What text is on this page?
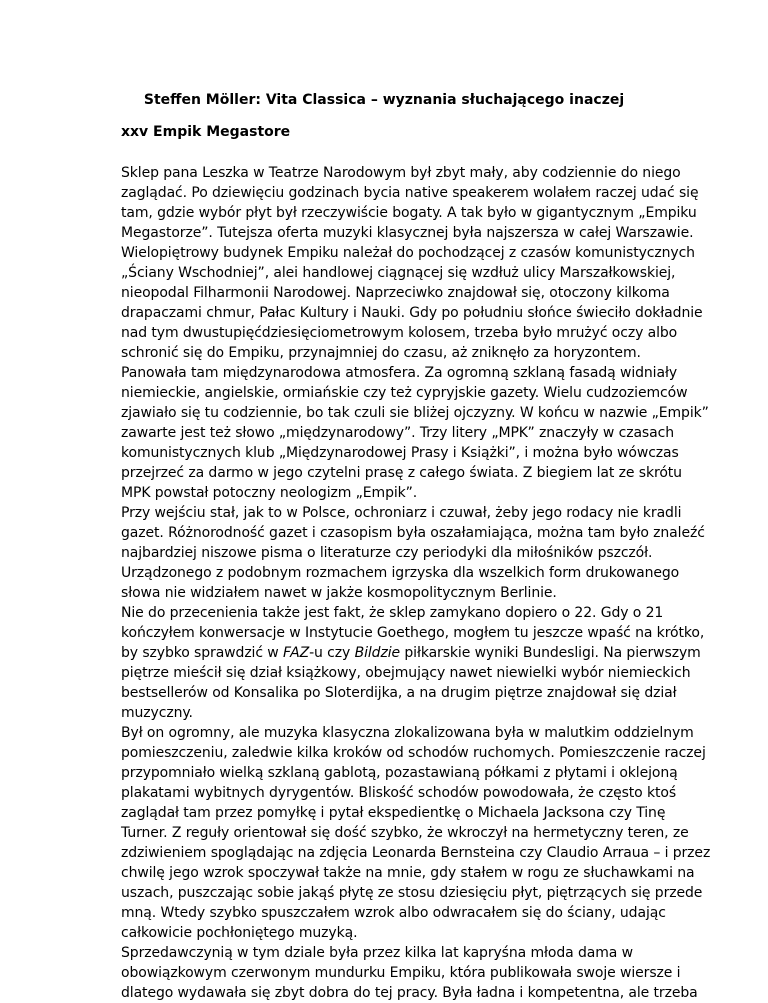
Steffen Möller: Vita Classica – wyznania słuchającego inaczej
xxv Empik Megastore
Sklep pana Leszka w Teatrze Narodowym był zbyt mały, aby codziennie do niego
zaglądać. Po dziewięciu godzinach bycia native speakerem wolałem raczej udać się
tam, gdzie wybór płyt był rzeczywiście bogaty. A tak było w gigantycznym „Empiku
Megastorze”. Tutejsza oferta muzyki klasycznej była najszersza w całej Warszawie.
Wielopiętrowy budynek Empiku należał do pochodzącej z czasów komunistycznych
„Ściany Wschodniej”, alei handlowej ciągnącej się wzdłuż ulicy Marszałkowskiej,
nieopodal Filharmonii Narodowej. Naprzeciwko znajdował się, otoczony kilkoma
drapaczami chmur, Pałac Kultury i Nauki. Gdy po południu słońce świeciło dokładnie
nad tym dwustupięćdziesięciometrowym kolosem, trzeba było mrużyć oczy albo
schronić się do Empiku, przynajmniej do czasu, aż zniknęło za horyzontem.
Panowała tam międzynarodowa atmosfera. Za ogromną szklaną fasadą widniały
niemieckie, angielskie, ormiańskie czy też cypryjskie gazety. Wielu cudzoziemców
zjawiało się tu codziennie, bo tak czuli sie bliżej ojczyzny. W końcu w nazwie „Empik”
zawarte jest też słowo „międzynarodowy”. Trzy litery „MPK” znaczyły w czasach
komunistycznych klub „Międzynarodowej Prasy i Książki”, i można było wówczas
przejrzeć za darmo w jego czytelni prasę z całego świata. Z biegiem lat ze skrótu
MPK powstał potoczny neologizm „Empik”.
Przy wejściu stał, jak to w Polsce, ochroniarz i czuwał, żeby jego rodacy nie kradli
gazet. Różnorodność gazet i czasopism była oszałamiająca, można tam było znaleźć
najbardziej niszowe pisma o literaturze czy periodyki dla miłośników pszczół.
Urządzonego z podobnym rozmachem igrzyska dla wszelkich form drukowanego
słowa nie widziałem nawet w jakże kosmopolitycznym Berlinie.
Nie do przecenienia także jest fakt, że sklep zamykano dopiero o 22. Gdy o 21
kończyłem konwersacje w Instytucie Goethego, mogłem tu jeszcze wpaść na krótko,
by szybko sprawdzić w FAZ-u czy Bildzie piłkarskie wyniki Bundesligi. Na pierwszym
piętrze mieścił się dział książkowy, obejmujący nawet niewielki wybór niemieckich
bestsellerów od Konsalika po Sloterdijka, a na drugim piętrze znajdował się dział
muzyczny.
Był on ogromny, ale muzyka klasyczna zlokalizowana była w malutkim oddzielnym
pomieszczeniu, zaledwie kilka kroków od schodów ruchomych. Pomieszczenie raczej
przypomniało wielką szklaną gablotą, pozastawianą półkami z płytami i oklejoną
plakatami wybitnych dyrygentów. Bliskość schodów powodowała, że często ktoś
zaglądał tam przez pomyłkę i pytał ekspedientkę o Michaela Jacksona czy Tinę
Turner. Z reguły orientował się dość szybko, że wkroczył na hermetyczny teren, ze
zdziwieniem spoglądając na zdjęcia Leonarda Bernsteina czy Claudio Arraua – i przez
chwilę jego wzrok spoczywał także na mnie, gdy stałem w rogu ze słuchawkami na
uszach, puszczając sobie jakąś płytę ze stosu dziesięciu płyt, piętrzących się przede
mną. Wtedy szybko spuszczałem wzrok albo odwracałem się do ściany, udając
całkowicie pochłoniętego muzyką.
Sprzedawczynią w tym dziale była przez kilka lat kapryśna młoda dama w
obowiązkowym czerwonym mundurku Empiku, która publikowała swoje wiersze i
dlatego wydawała się zbyt dobra do tej pracy. Była ładna i kompetentna, ale trzeba
